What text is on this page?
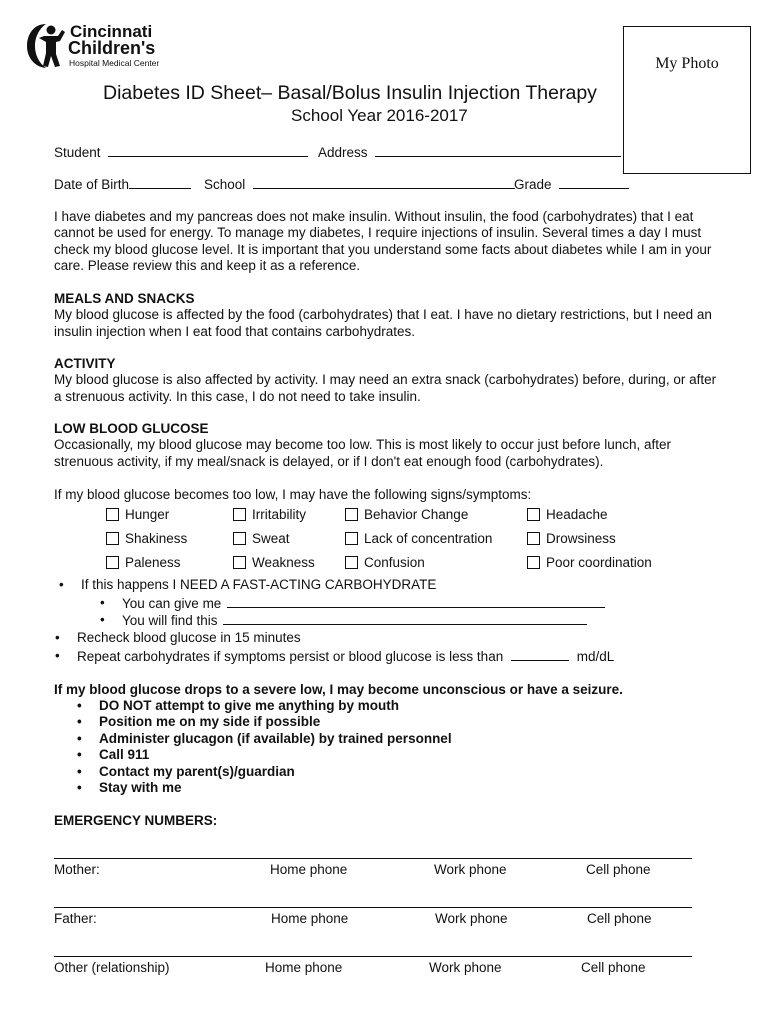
Cincinnati
Children's
Hospital Medical Center	My Photo
Diabetes ID Sheet– Basal/Bolus Insulin Injection Therapy
School Year 2016-2017
Student	Address
Date of Birth	School	Grade
I have diabetes and my pancreas does not make insulin. Without insulin, the food (carbohydrates) that I eat cannot be used for energy. To manage my diabetes, I require injections of insulin. Several times a day I must check my blood glucose level. It is important that you understand some facts about diabetes while I am in your care. Please review this and keep it as a reference.
MEALS AND SNACKS
My blood glucose is affected by the food (carbohydrates) that I eat. I have no dietary restrictions, but I need an insulin injection when I eat food that contains carbohydrates.
ACTIVITY
My blood glucose is also affected by activity. I may need an extra snack (carbohydrates) before, during, or after a strenuous activity. In this case, I do not need to take insulin.
LOW BLOOD GLUCOSE
Occasionally, my blood glucose may become too low. This is most likely to occur just before lunch, after strenuous activity, if my meal/snack is delayed, or if I don't eat enough food (carbohydrates).
If my blood glucose becomes too low, I may have the following signs/symptoms:
Hunger	Irritability	Behavior Change	Headache
Shakiness	Sweat	Lack of concentration	Drowsiness
Paleness	Weakness	Confusion	Poor coordination
• If this happens I NEED A FAST-ACTING CARBOHYDRATE
• You can give me
• You will find this
• Recheck blood glucose in 15 minutes
• Repeat carbohydrates if symptoms persist or blood glucose is less than	md/dL
If my blood glucose drops to a severe low, I may become unconscious or have a seizure.
• DO NOT attempt to give me anything by mouth
• Position me on my side if possible
• Administer glucagon (if available) by trained personnel
• Call 911
• Contact my parent(s)/guardian
• Stay with me
EMERGENCY NUMBERS:
Mother:	Home phone	Work phone	Cell phone
Father:	Home phone	Work phone	Cell phone
Other (relationship)	Home phone	Work phone	Cell phone
